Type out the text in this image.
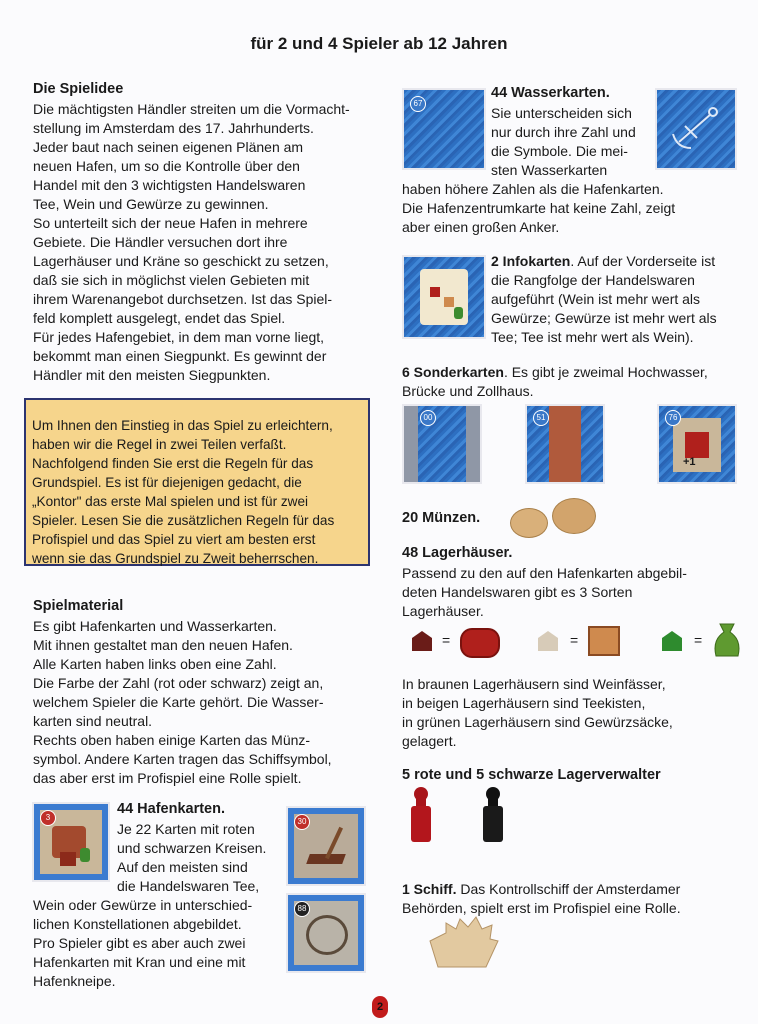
für 2 und 4 Spieler ab 12 Jahren
Die Spielidee
Die mächtigsten Händler streiten um die Vormacht-
stellung im Amsterdam des 17. Jahrhunderts.
Jeder baut nach seinen eigenen Plänen am
neuen Hafen, um so die Kontrolle über den
Handel mit den 3 wichtigsten Handelswaren
Tee, Wein und Gewürze zu gewinnen.
So unterteilt sich der neue Hafen in mehrere
Gebiete. Die Händler versuchen dort ihre
Lagerhäuser und Kräne so geschickt zu setzen,
daß sie sich in möglichst vielen Gebieten mit
ihrem Warenangebot durchsetzen. Ist das Spiel-
feld komplett ausgelegt, endet das Spiel.
Für jedes Hafengebiet, in dem man vorne liegt,
bekommt man einen Siegpunkt. Es gewinnt der
Händler mit den meisten Siegpunkten.
Um Ihnen den Einstieg in das Spiel zu erleichtern,
haben wir die Regel in zwei Teilen verfaßt.
Nachfolgend finden Sie erst die Regeln für das
Grundspiel. Es ist für diejenigen gedacht, die
„Kontor" das erste Mal spielen und ist für zwei
Spieler. Lesen Sie die zusätzlichen Regeln für das
Profispiel und das Spiel zu viert am besten erst
wenn sie das Grundspiel zu Zweit beherrschen.
Spielmaterial
Es gibt Hafenkarten und Wasserkarten.
Mit ihnen gestaltet man den neuen Hafen.
Alle Karten haben links oben eine Zahl.
Die Farbe der Zahl (rot oder schwarz) zeigt an,
welchem Spieler die Karte gehört. Die Wasser-
karten sind neutral.
Rechts oben haben einige Karten das Münz-
symbol. Andere Karten tragen das Schiffsymbol,
das aber erst im Profispiel eine Rolle spielt.
3
44 Hafenkarten.
Je 22 Karten mit roten
und schwarzen Kreisen.
Auf den meisten sind
die Handelswaren Tee,
Wein oder Gewürze in unterschied-
lichen Konstellationen abgebildet.
Pro Spieler gibt es aber auch zwei
Hafenkarten mit Kran und eine mit
Hafenkneipe.
30
88
67
44 Wasserkarten.
Sie unterscheiden sich
nur durch ihre Zahl und
die Symbole. Die mei-
sten Wasserkarten
haben höhere Zahlen als die Hafenkarten.
Die Hafenzentrumkarte hat keine Zahl, zeigt
aber einen großen Anker.
2 Infokarten. Auf der Vorderseite ist
die Rangfolge der Handelswaren
aufgeführt (Wein ist mehr wert als
Gewürze; Gewürze ist mehr wert als
Tee; Tee ist mehr wert als Wein).
6 Sonderkarten. Es gibt je zweimal Hochwasser,
Brücke und Zollhaus.
00	51
+1
76
20 Münzen.
48 Lagerhäuser.
Passend zu den auf den Hafenkarten abgebil-
deten Handelswaren gibt es 3 Sorten
Lagerhäuser.
=	=	=
In braunen Lagerhäusern sind Weinfässer,
in beigen Lagerhäusern sind Teekisten,
in grünen Lagerhäusern sind Gewürzsäcke,
gelagert.
5 rote und 5 schwarze Lagerverwalter
1 Schiff. Das Kontrollschiff der Amsterdamer
Behörden, spielt erst im Profispiel eine Rolle.
2
